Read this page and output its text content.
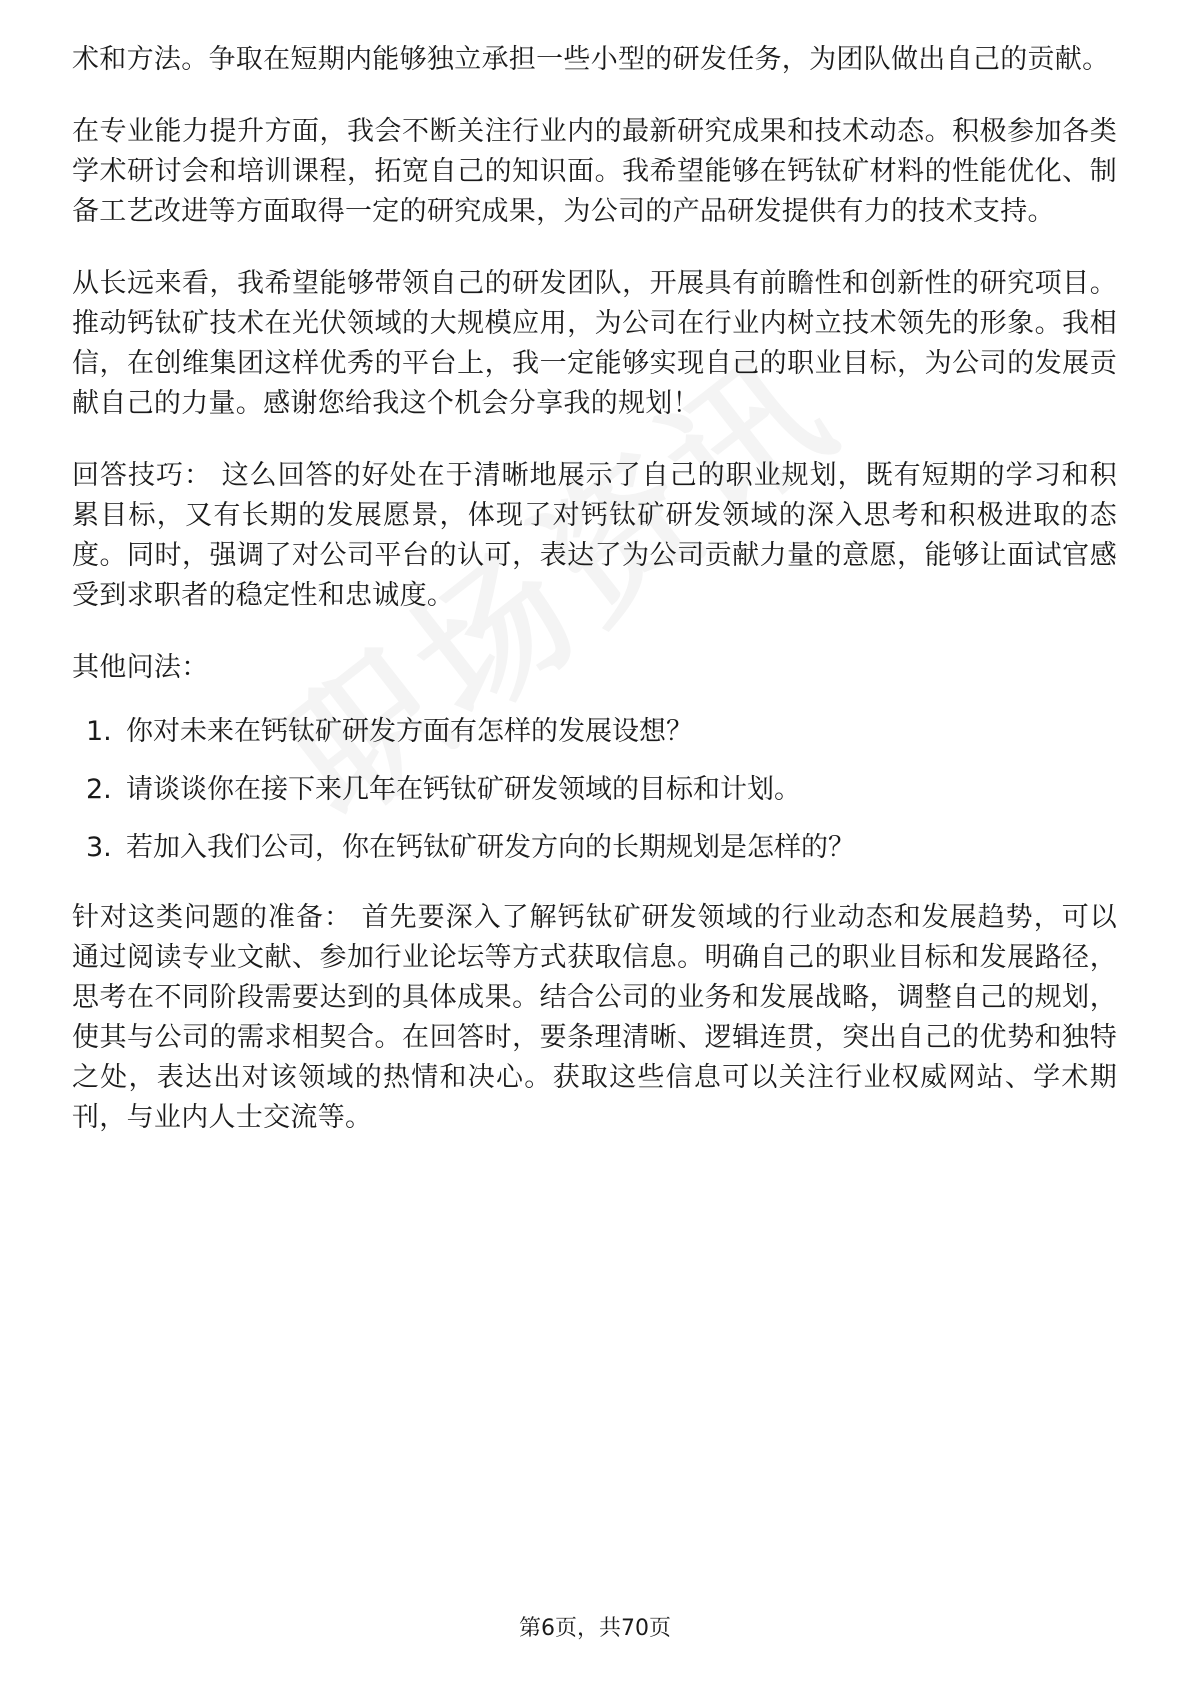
术和方法。争取在短期内能够独立承担一些小型的研发任务，为团队做出自己的贡献。

在专业能力提升方面，我会不断关注行业内的最新研究成果和技术动态。积极参加各类学术研讨会和培训课程，拓宽自己的知识面。我希望能够在钙钛矿材料的性能优化、制备工艺改进等方面取得一定的研究成果，为公司的产品研发提供有力的技术支持。

从长远来看，我希望能够带领自己的研发团队，开展具有前瞻性和创新性的研究项目。推动钙钛矿技术在光伏领域的大规模应用，为公司在行业内树立技术领先的形象。我相信，在创维集团这样优秀的平台上，我一定能够实现自己的职业目标，为公司的发展贡献自己的力量。感谢您给我这个机会分享我的规划！

回答技巧： 这么回答的好处在于清晰地展示了自己的职业规划，既有短期的学习和积累目标，又有长期的发展愿景，体现了对钙钛矿研发领域的深入思考和积极进取的态度。同时，强调了对公司平台的认可，表达了为公司贡献力量的意愿，能够让面试官感受到求职者的稳定性和忠诚度。

其他问法：

1. 你对未来在钙钛矿研发方面有怎样的发展设想？
2. 请谈谈你在接下来几年在钙钛矿研发领域的目标和计划。
3. 若加入我们公司，你在钙钛矿研发方向的长期规划是怎样的？

针对这类问题的准备： 首先要深入了解钙钛矿研发领域的行业动态和发展趋势，可以通过阅读专业文献、参加行业论坛等方式获取信息。明确自己的职业目标和发展路径，思考在不同阶段需要达到的具体成果。结合公司的业务和发展战略，调整自己的规划，使其与公司的需求相契合。在回答时，要条理清晰、逻辑连贯，突出自己的优势和独特之处，表达出对该领域的热情和决心。获取这些信息可以关注行业权威网站、学术期刊，与业内人士交流等。

第6页，共70页
